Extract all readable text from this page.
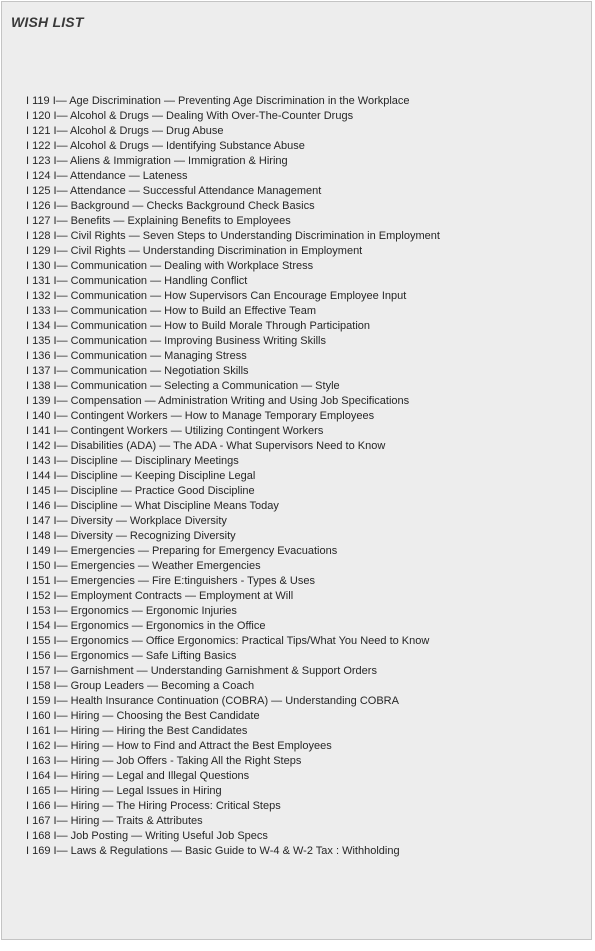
WISH LIST
I 119 I— Age Discrimination — Preventing Age Discrimination in the Workplace
I 120 I— Alcohol & Drugs — Dealing With Over-The-Counter Drugs
I 121 I— Alcohol & Drugs — Drug Abuse
I 122 I— Alcohol & Drugs — Identifying Substance Abuse
I 123 I— Aliens & Immigration — Immigration & Hiring
I 124 I— Attendance — Lateness
I 125 I— Attendance — Successful Attendance Management
I 126 I— Background — Checks Background Check Basics
I 127 I— Benefits — Explaining Benefits to Employees
I 128 I— Civil Rights — Seven Steps to Understanding Discrimination in Employment
I 129 I— Civil Rights — Understanding Discrimination in Employment
I 130 I— Communication — Dealing with Workplace Stress
I 131 I— Communication — Handling Conflict
I 132 I— Communication — How Supervisors Can Encourage Employee Input
I 133 I— Communication — How to Build an Effective Team
I 134 I— Communication — How to Build Morale Through Participation
I 135 I— Communication — Improving Business Writing Skills
I 136 I— Communication — Managing Stress
I 137 I— Communication — Negotiation Skills
I 138 I— Communication — Selecting a Communication — Style
I 139 I— Compensation — Administration Writing and Using Job Specifications
I 140 I— Contingent Workers — How to Manage Temporary Employees
I 141 I— Contingent Workers — Utilizing Contingent Workers
I 142 I— Disabilities (ADA) — The ADA - What Supervisors Need to Know
I 143 I— Discipline — Disciplinary Meetings
I 144 I— Discipline — Keeping Discipline Legal
I 145 I— Discipline — Practice Good Discipline
I 146 I— Discipline — What Discipline Means Today
I 147 I— Diversity — Workplace Diversity
I 148 I— Diversity — Recognizing Diversity
I 149 I— Emergencies — Preparing for Emergency Evacuations
I 150 I— Emergencies — Weather Emergencies
I 151 I— Emergencies — Fire E:tinguishers - Types & Uses
I 152 I— Employment Contracts — Employment at Will
I 153 I— Ergonomics — Ergonomic Injuries
I 154 I— Ergonomics — Ergonomics in the Office
I 155 I— Ergonomics — Office Ergonomics: Practical Tips/What You Need to Know
I 156 I— Ergonomics — Safe Lifting Basics
I 157 I— Garnishment — Understanding Garnishment & Support Orders
I 158 I— Group Leaders — Becoming a Coach
I 159 I— Health Insurance Continuation (COBRA) — Understanding COBRA
I 160 I— Hiring — Choosing the Best Candidate
I 161 I— Hiring — Hiring the Best Candidates
I 162 I— Hiring — How to Find and Attract the Best Employees
I 163 I— Hiring — Job Offers - Taking All the Right Steps
I 164 I— Hiring — Legal and Illegal Questions
I 165 I— Hiring — Legal Issues in Hiring
I 166 I— Hiring — The Hiring Process: Critical Steps
I 167 I— Hiring — Traits & Attributes
I 168 I— Job Posting — Writing Useful Job Specs
I 169 I— Laws & Regulations — Basic Guide to W-4 & W-2 Tax : Withholding
